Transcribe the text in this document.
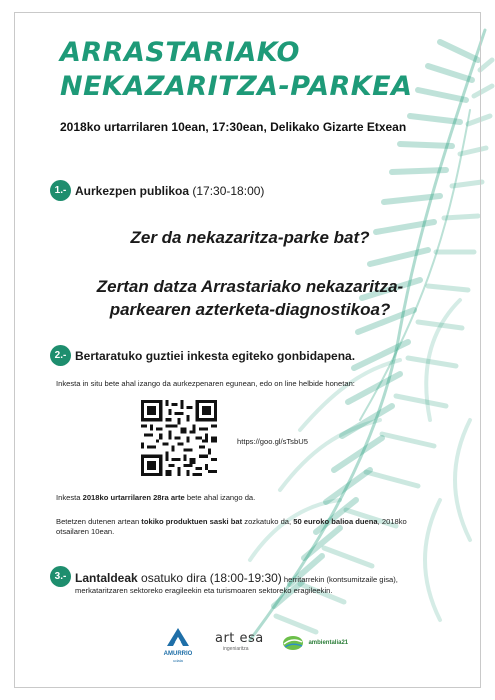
ARRASTARIAKO
NEKAZARITZA-PARKEA
2018ko urtarrilaren 10ean, 17:30ean, Delikako Gizarte Etxean
1.- Aurkezpen publikoa (17:30-18:00)
Zer da nekazaritza-parke bat?
Zertan datza Arrastariako nekazaritza-
parkearen azterketa-diagnostikoa?
2.- Bertaratuko guztiei inkesta egiteko gonbidapena.
Inkesta in situ bete ahal izango da aurkezpenaren egunean, edo on line helbide honetan:
https://goo.gl/sTsbU5
Inkesta 2018ko urtarrilaren 28ra arte bete ahal izango da.
Betetzen dutenen artean tokiko produktuen saski bat zozkatuko da, 50 euroko balioa duena, 2018ko otsailaren 10ean.
3.- Lantaldeak osatuko dira (18:00-19:30) herritarrekin (kontsumitzaile gisa), merkataritzaren sektoreko eragileekin eta turismoaren sektoreko eragileekin.
AMURRIO
udala
art esa
ingeniaritza
ambientalia21
